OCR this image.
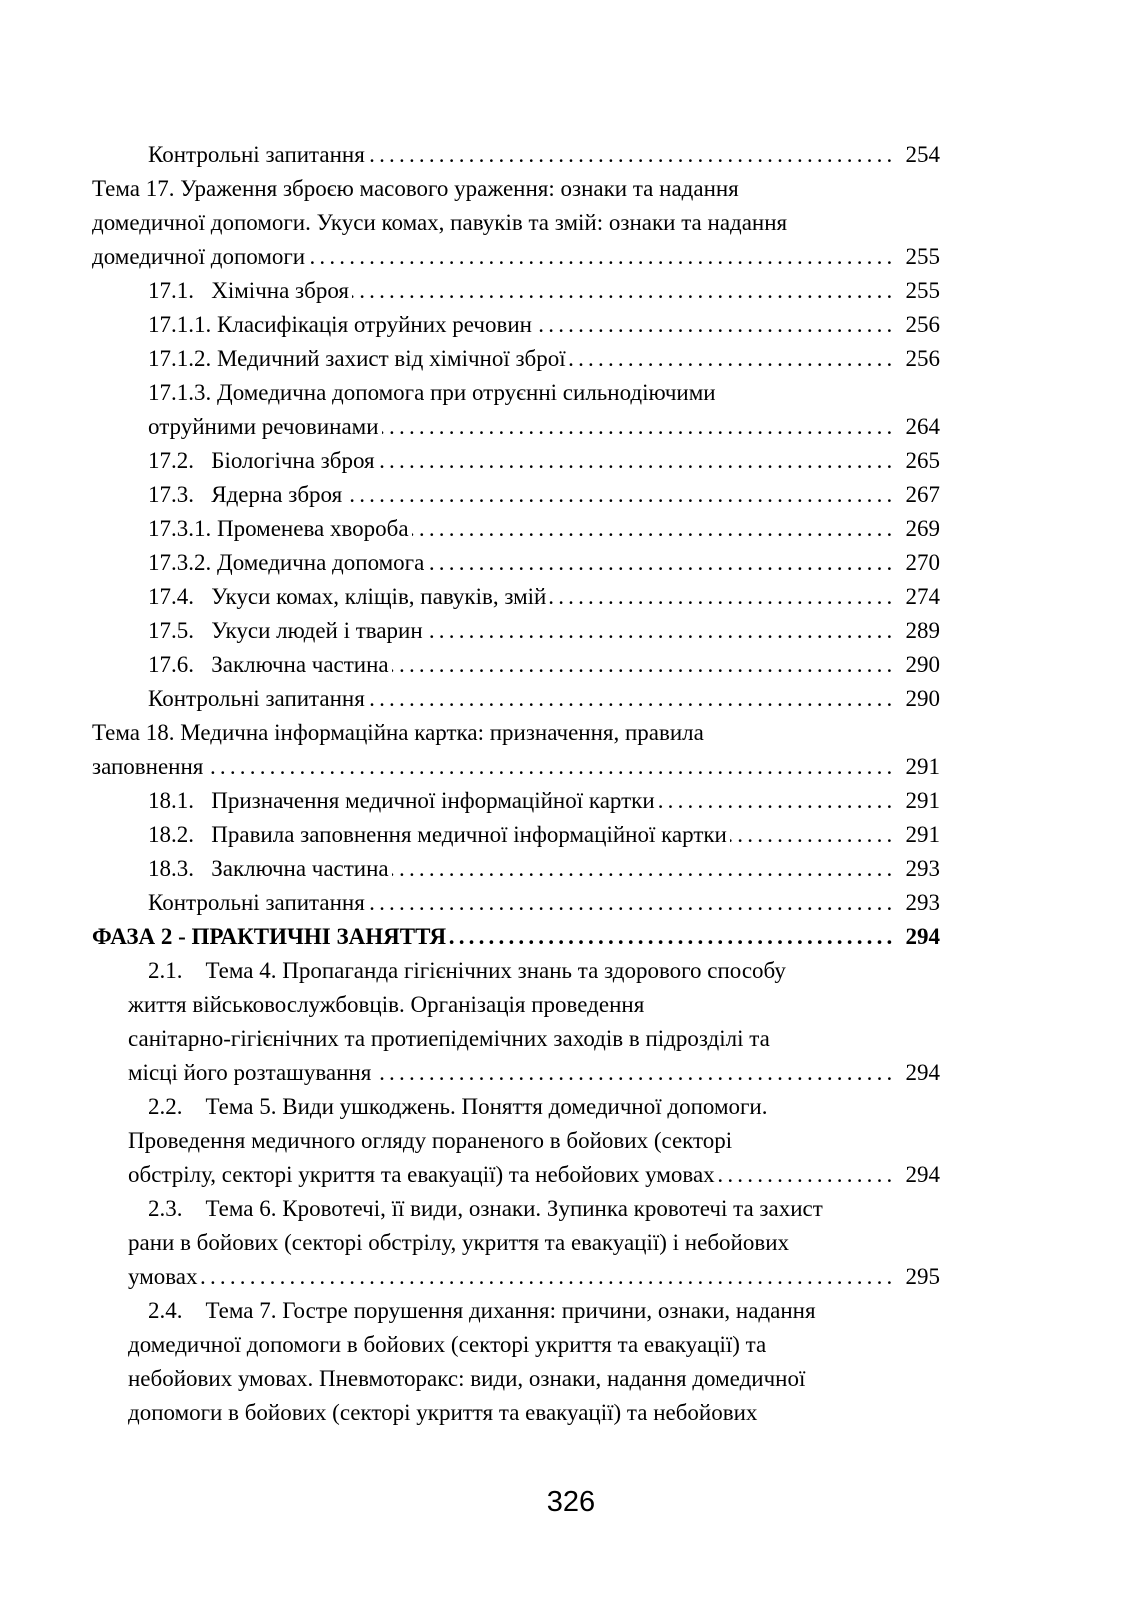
Контрольні запитання .....	254
Тема 17. Ураження зброєю масового ураження: ознаки та надання
домедичної допомоги. Укуси комах, павуків та змій: ознаки та надання
домедичної допомоги .....	255
17.1.   Хімічна зброя .....	255
17.1.1. Класифікація отруйних речовин .....	256
17.1.2. Медичний захист від хімічної зброї .....	256
17.1.3. Домедична допомога при отруєнні сильнодіючими
отруйними речовинами .....	264
17.2.   Біологічна зброя .....	265
17.3.   Ядерна зброя .....	267
17.3.1. Променева хвороба .....	269
17.3.2. Домедична допомога .....	270
17.4.   Укуси комах, кліщів, павуків, змій .....	274
17.5.   Укуси людей і тварин .....	289
17.6.   Заключна частина .....	290
Контрольні запитання .....	290
Тема 18. Медична інформаційна картка: призначення, правила
заповнення .....	291
18.1.   Призначення медичної інформаційної картки .....	291
18.2.   Правила заповнення медичної інформаційної картки .....	291
18.3.   Заключна частина .....	293
Контрольні запитання .....	293
ФАЗА 2 - ПРАКТИЧНІ ЗАНЯТТЯ .....	294
2.1.    Тема 4. Пропаганда гігієнічних знань та здорового способу
життя військовослужбовців. Організація проведення
санітарно-гігієнічних та протиепідемічних заходів в підрозділі та
місці його розташування .....	294
2.2.    Тема 5. Види ушкоджень. Поняття домедичної допомоги.
Проведення медичного огляду пораненого в бойових (секторі
обстрілу, секторі укриття та евакуації) та небойових умовах .....	294
2.3.    Тема 6. Кровотечі, її види, ознаки. Зупинка кровотечі та захист
рани в бойових (секторі обстрілу, укриття та евакуації) і небойових
умовах .....	295
2.4.    Тема 7. Гостре порушення дихання: причини, ознаки, надання
домедичної допомоги в бойових (секторі укриття та евакуації) та
небойових умовах. Пневмоторакс: види, ознаки, надання домедичної
допомоги в бойових (секторі укриття та евакуації) та небойових
326
